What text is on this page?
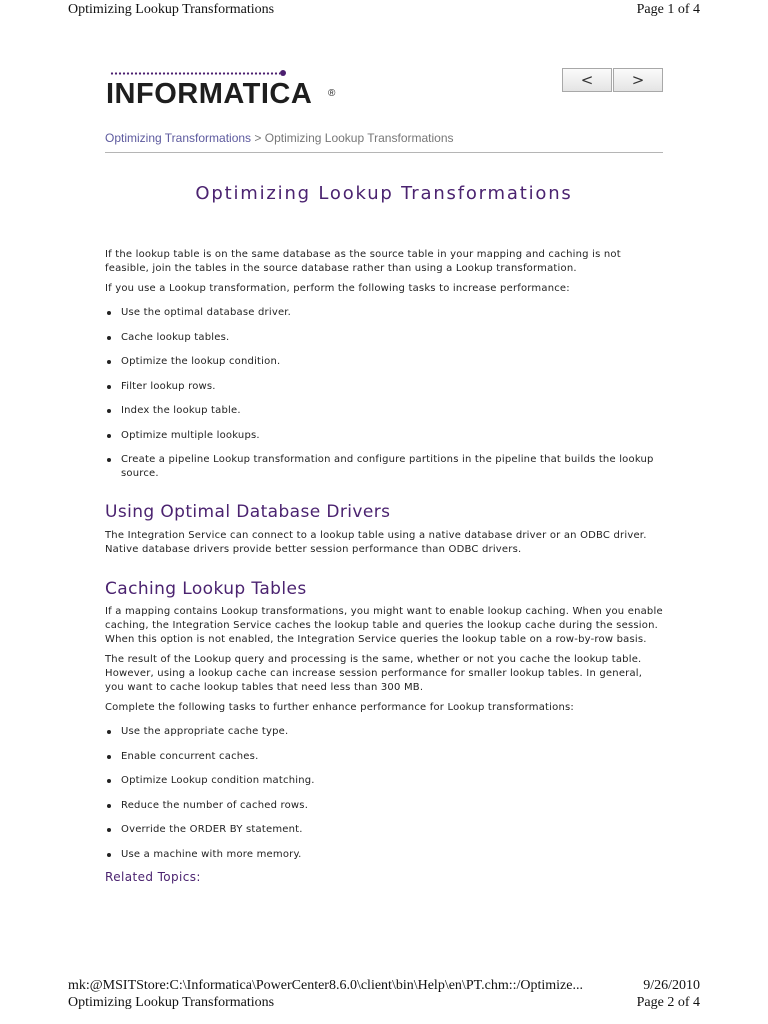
Optimizing Lookup Transformations	Page 1 of 4
INFORMATICA ®
<	>
Optimizing Transformations > Optimizing Lookup Transformations
Optimizing Lookup Transformations

If the lookup table is on the same database as the source table in your mapping and caching is not feasible, join the tables in the source database rather than using a Lookup transformation.

If you use a Lookup transformation, perform the following tasks to increase performance:

Use the optimal database driver.
Cache lookup tables.
Optimize the lookup condition.
Filter lookup rows.
Index the lookup table.
Optimize multiple lookups.
Create a pipeline Lookup transformation and configure partitions in the pipeline that builds the lookup source.
Using Optimal Database Drivers

The Integration Service can connect to a lookup table using a native database driver or an ODBC driver. Native database drivers provide better session performance than ODBC drivers.

Caching Lookup Tables

If a mapping contains Lookup transformations, you might want to enable lookup caching. When you enable caching, the Integration Service caches the lookup table and queries the lookup cache during the session. When this option is not enabled, the Integration Service queries the lookup table on a row-by-row basis.

The result of the Lookup query and processing is the same, whether or not you cache the lookup table. However, using a lookup cache can increase session performance for smaller lookup tables. In general, you want to cache lookup tables that need less than 300 MB.

Complete the following tasks to further enhance performance for Lookup transformations:

Use the appropriate cache type.
Enable concurrent caches.
Optimize Lookup condition matching.
Reduce the number of cached rows.
Override the ORDER BY statement.
Use a machine with more memory.
Related Topics:
mk:@MSITStore:C:\Informatica\PowerCenter8.6.0\client\bin\Help\en\PT.chm::/Optimize...	9/26/2010
Optimizing Lookup Transformations	Page 2 of 4
